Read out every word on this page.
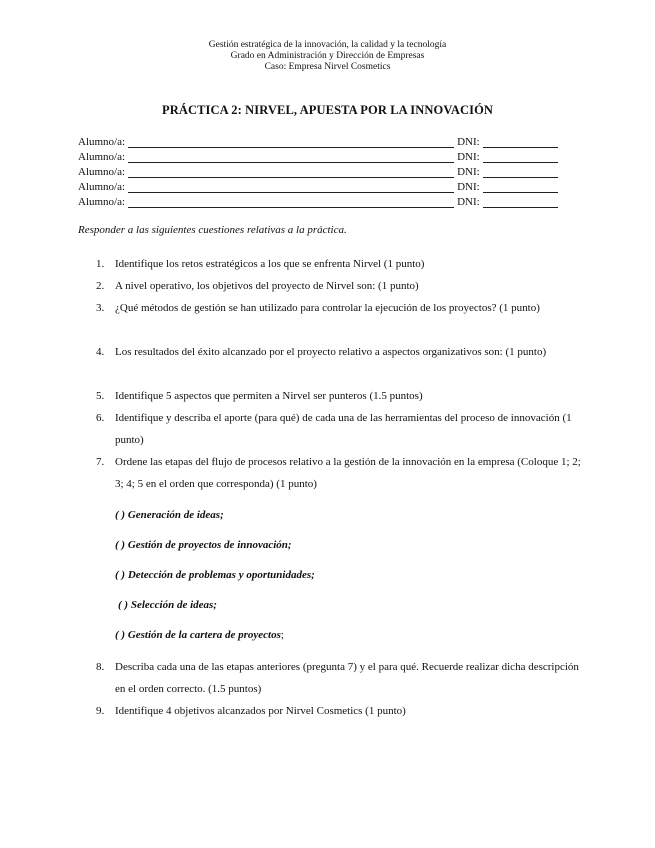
Gestión estratégica de la innovación, la calidad y la tecnología
Grado en Administración y Dirección de Empresas
Caso: Empresa Nirvel Cosmetics
PRÁCTICA 2: NIRVEL, APUESTA POR LA INNOVACIÓN
Alumno/a:	DNI:
Alumno/a:	DNI:
Alumno/a:	DNI:
Alumno/a:	DNI:
Alumno/a:	DNI:
Responder a las siguientes cuestiones relativas a la práctica.
1. Identifique los retos estratégicos a los que se enfrenta Nirvel (1 punto)
2. A nivel operativo, los objetivos del proyecto de Nirvel son: (1 punto)
3. ¿Qué métodos de gestión se han utilizado para controlar la ejecución de los proyectos? (1 punto)
4. Los resultados del éxito alcanzado por el proyecto relativo a aspectos organizativos son: (1 punto)
5. Identifique 5 aspectos que permiten a Nirvel ser punteros (1.5 puntos)
6. Identifique y describa el aporte (para qué) de cada una de las herramientas del proceso de innovación (1 punto)
7. Ordene las etapas del flujo de procesos relativo a la gestión de la innovación en la empresa (Coloque 1; 2; 3; 4; 5 en el orden que corresponda) (1 punto)
( ) Generación de ideas;
( ) Gestión de proyectos de innovación;
( ) Detección de problemas y oportunidades;
( ) Selección de ideas;
( ) Gestión de la cartera de proyectos;
8. Describa cada una de las etapas anteriores (pregunta 7) y el para qué. Recuerde realizar dicha descripción en el orden correcto. (1.5 puntos)
9. Identifique 4 objetivos alcanzados por Nirvel Cosmetics (1 punto)
